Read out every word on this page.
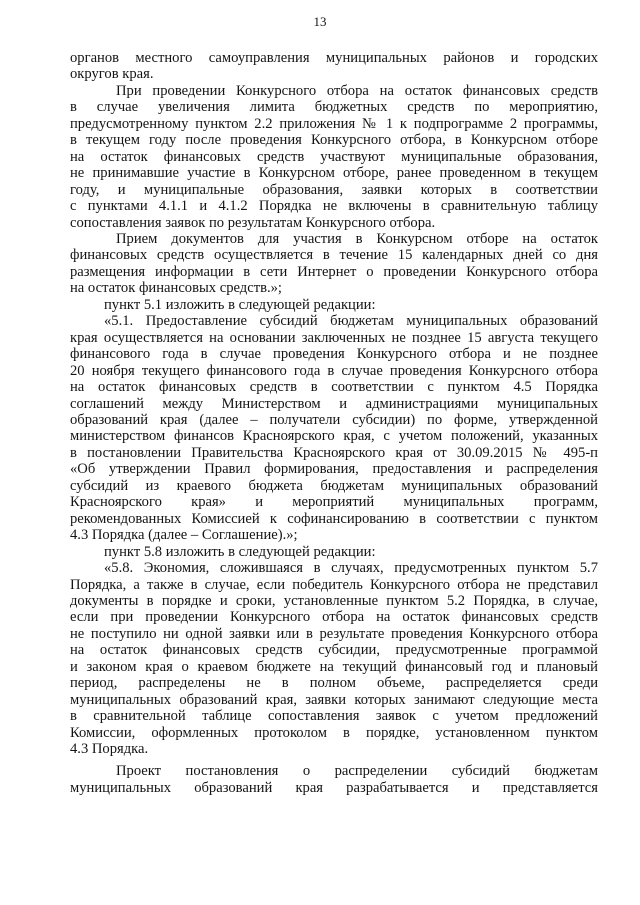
13

органов местного самоуправления муниципальных районов и городских
округов края.

При проведении Конкурсного отбора на остаток финансовых средств
в случае увеличения лимита бюджетных средств по мероприятию,
предусмотренному пунктом 2.2 приложения № 1 к подпрограмме 2 программы,
в текущем году после проведения Конкурсного отбора, в Конкурсном отборе
на остаток финансовых средств участвуют муниципальные образования,
не принимавшие участие в Конкурсном отборе, ранее проведенном в текущем
году, и муниципальные образования, заявки которых в соответствии
с пунктами 4.1.1 и 4.1.2 Порядка не включены в сравнительную таблицу
сопоставления заявок по результатам Конкурсного отбора.

Прием документов для участия в Конкурсном отборе на остаток
финансовых средств осуществляется в течение 15 календарных дней со дня
размещения информации в сети Интернет о проведении Конкурсного отбора
на остаток финансовых средств.»;

пункт 5.1 изложить в следующей редакции:

«5.1. Предоставление субсидий бюджетам муниципальных образований
края осуществляется на основании заключенных не позднее 15 августа текущего
финансового года в случае проведения Конкурсного отбора и не позднее
20 ноября текущего финансового года в случае проведения Конкурсного отбора
на остаток финансовых средств в соответствии с пунктом 4.5 Порядка
соглашений между Министерством и администрациями муниципальных
образований края (далее – получатели субсидии) по форме, утвержденной
министерством финансов Красноярского края, с учетом положений, указанных
в постановлении Правительства Красноярского края от 30.09.2015 № 495-п
«Об утверждении Правил формирования, предоставления и распределения
субсидий из краевого бюджета бюджетам муниципальных образований
Красноярского края» и мероприятий муниципальных программ,
рекомендованных Комиссией к софинансированию в соответствии с пунктом
4.3 Порядка (далее – Соглашение).»;

пункт 5.8 изложить в следующей редакции:

«5.8. Экономия, сложившаяся в случаях, предусмотренных пунктом 5.7
Порядка, а также в случае, если победитель Конкурсного отбора не представил
документы в порядке и сроки, установленные пунктом 5.2 Порядка, в случае,
если при проведении Конкурсного отбора на остаток финансовых средств
не поступило ни одной заявки или в результате проведения Конкурсного отбора
на остаток финансовых средств субсидии, предусмотренные программой
и законом края о краевом бюджете на текущий финансовый год и плановый
период, распределены не в полном объеме, распределяется среди
муниципальных образований края, заявки которых занимают следующие места
в сравнительной таблице сопоставления заявок с учетом предложений
Комиссии, оформленных протоколом в порядке, установленном пунктом
4.3 Порядка.

Проект постановления о распределении субсидий бюджетам
муниципальных образований края разрабатывается и представляется
